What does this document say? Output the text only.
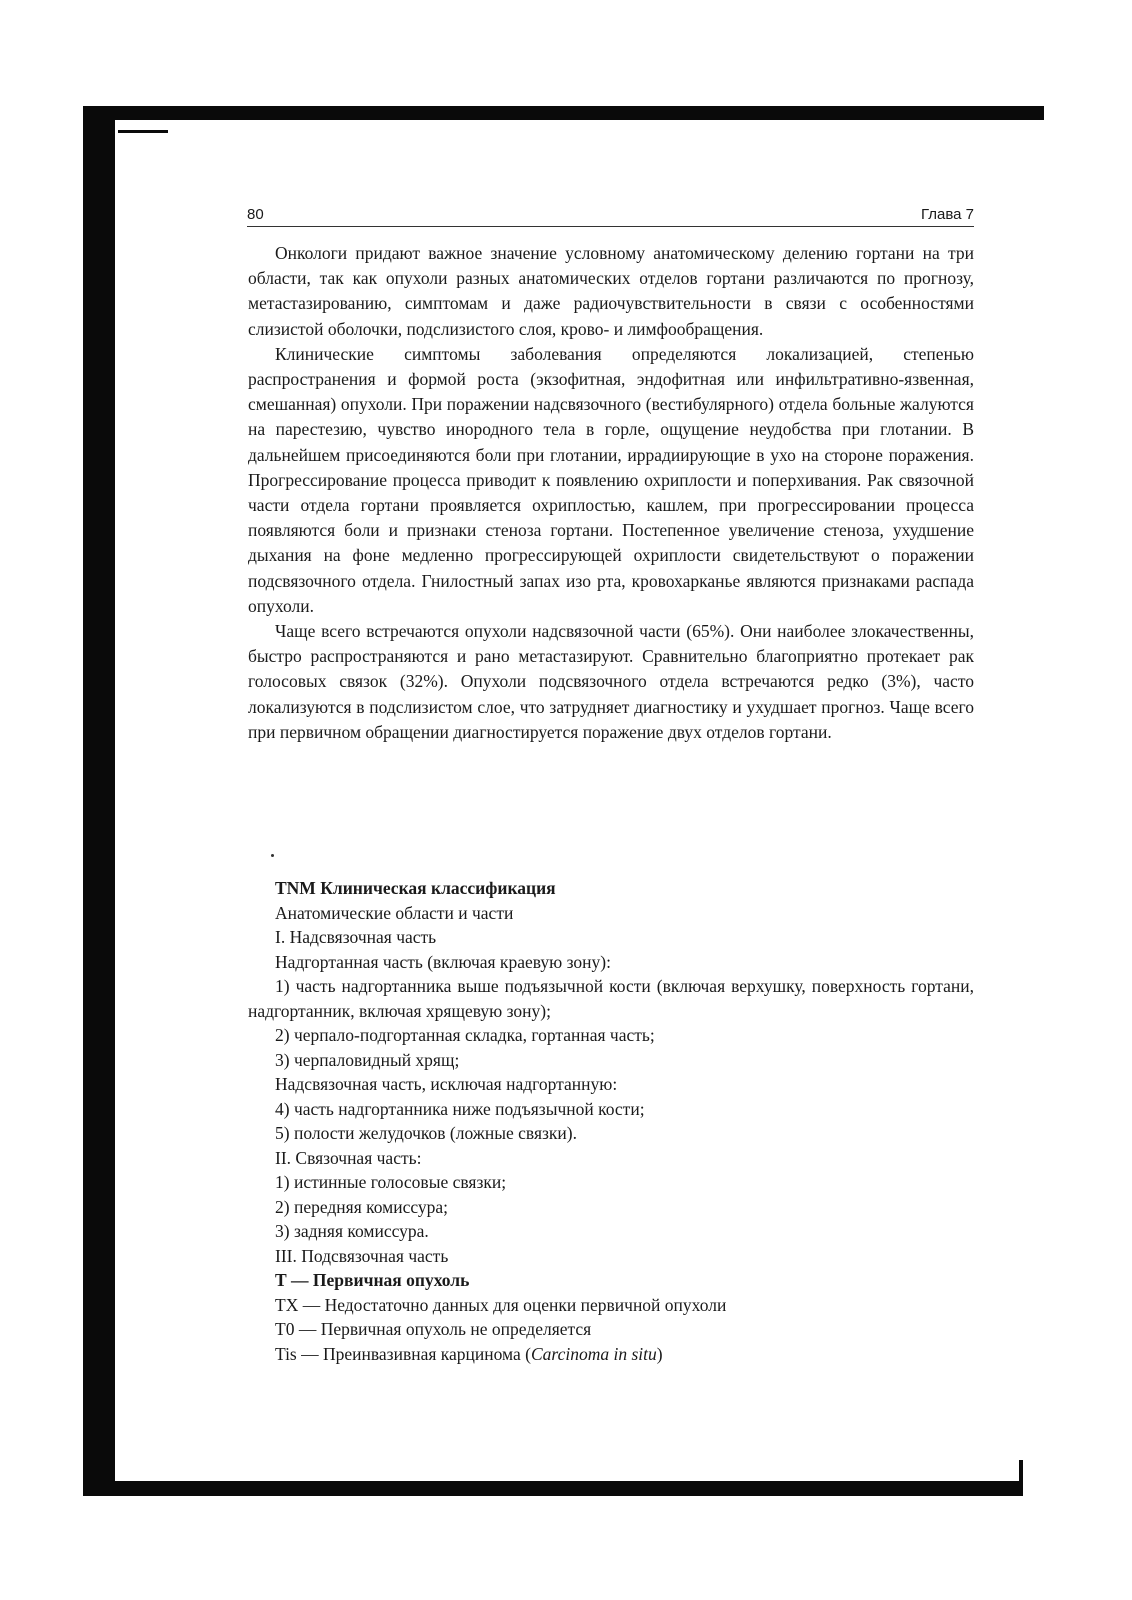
80	Глава 7

Онкологи придают важное значение условному анатомическому делению гортани на три области, так как опухоли разных анатомических отделов гортани различаются по прогнозу, метастазированию, симптомам и даже радиочувствительности в связи с особенностями слизистой оболочки, подслизистого слоя, крово- и лимфообращения.

Клинические симптомы заболевания определяются локализацией, степенью распространения и формой роста (экзофитная, эндофитная или инфильтративно-язвенная, смешанная) опухоли. При поражении надсвязочного (вестибулярного) отдела больные жалуются на парестезию, чувство инородного тела в горле, ощущение неудобства при глотании. В дальнейшем присоединяются боли при глотании, иррадиирующие в ухо на стороне поражения. Прогрессирование процесса приводит к появлению охриплости и поперхивания. Рак связочной части отдела гортани проявляется охриплостью, кашлем, при прогрессировании процесса появляются боли и признаки стеноза гортани. Постепенное увеличение стеноза, ухудшение дыхания на фоне медленно прогрессирующей охриплости свидетельствуют о поражении подсвязочного отдела. Гнилостный запах изо рта, кровохарканье являются признаками распада опухоли.

Чаще всего встречаются опухоли надсвязочной части (65%). Они наиболее злокачественны, быстро распространяются и рано метастазируют. Сравнительно благоприятно протекает рак голосовых связок (32%). Опухоли подсвязочного отдела встречаются редко (3%), часто локализуются в подслизистом слое, что затрудняет диагностику и ухудшает прогноз. Чаще всего при первичном обращении диагностируется поражение двух отделов гортани.

TNM Клиническая классификация

Анатомические области и части

I. Надсвязочная часть

Надгортанная часть (включая краевую зону):

1) часть надгортанника выше подъязычной кости (включая верхушку, поверхность гортани, надгортанник, включая хрящевую зону);

2) черпало-подгортанная складка, гортанная часть;

3) черпаловидный хрящ;

Надсвязочная часть, исключая надгортанную:

4) часть надгортанника ниже подъязычной кости;

5) полости желудочков (ложные связки).

II. Связочная часть:

1) истинные голосовые связки;

2) передняя комиссура;

3) задняя комиссура.

III. Подсвязочная часть

Т — Первичная опухоль

ТХ — Недостаточно данных для оценки первичной опухоли

Т0 — Первичная опухоль не определяется

Tis — Преинвазивная карцинома (Carcinoma in situ)
